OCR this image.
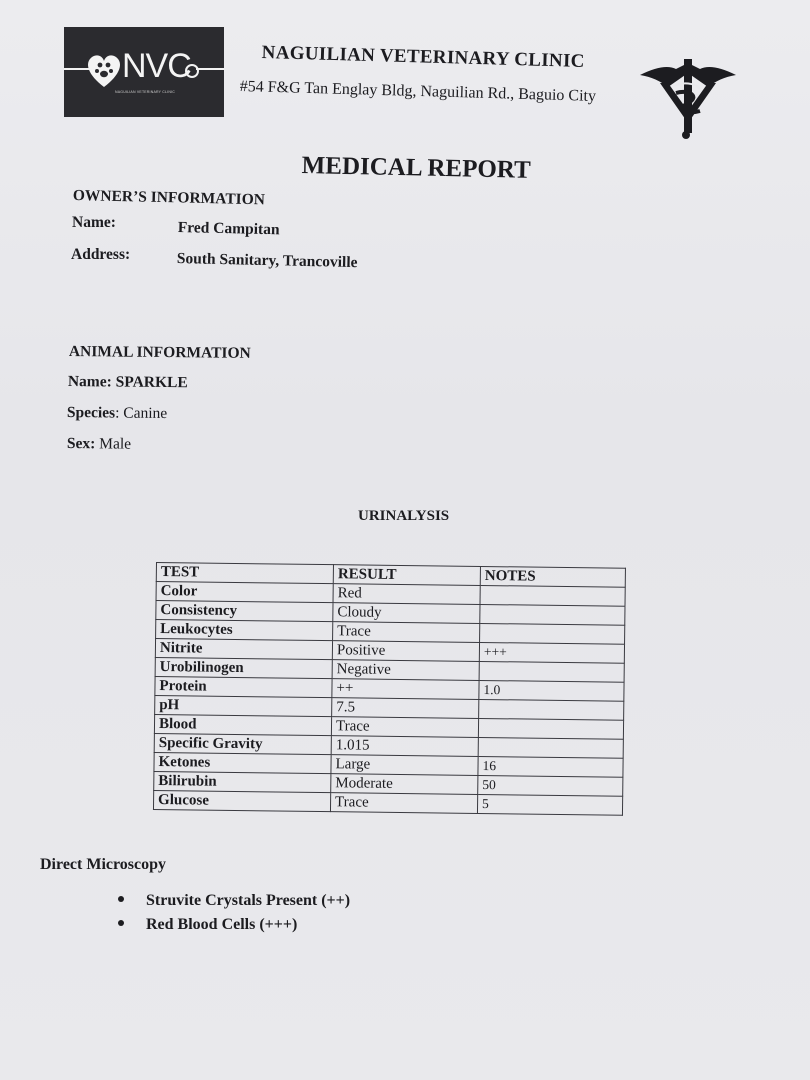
NVC
NAGUILIAN VETERINARY CLINIC
NAGUILIAN VETERINARY CLINIC
#54 F&G Tan Englay Bldg, Naguilian Rd., Baguio City
MEDICAL REPORT
OWNER’S INFORMATION
Name:	Fred Campitan
Address:	South Sanitary, Trancoville
ANIMAL INFORMATION
Name: SPARKLE
Species: Canine
Sex: Male
URINALYSIS
TEST	RESULT	NOTES
Color	Red	
Consistency	Cloudy	
Leukocytes	Trace	
Nitrite	Positive	+++
Urobilinogen	Negative	
Protein	++	1.0
pH	7.5	
Blood	Trace	
Specific Gravity	1.015	
Ketones	Large	16
Bilirubin	Moderate	50
Glucose	Trace	5
Direct Microscopy
Struvite Crystals Present (++)
Red Blood Cells (+++)
